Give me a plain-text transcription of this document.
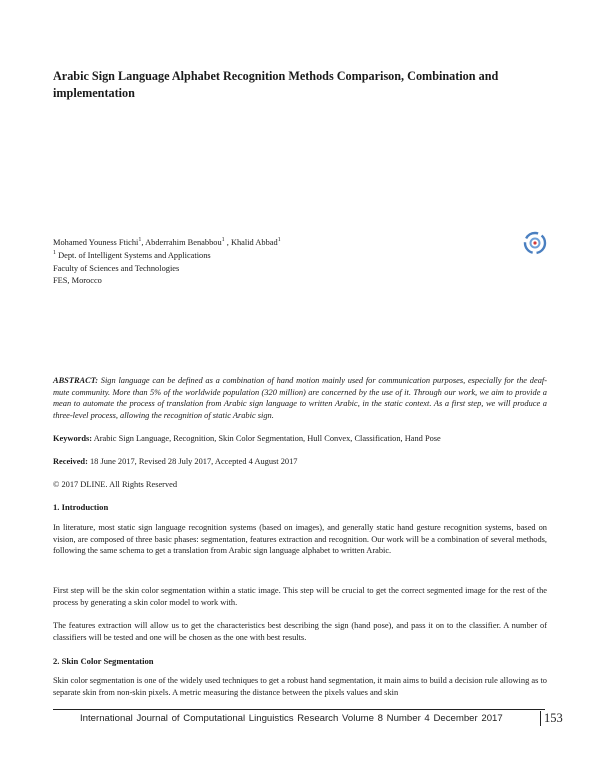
Arabic Sign Language Alphabet Recognition Methods Comparison, Combination and implementation
Mohamed Youness Ftichi$^1$, Abderrahim Benabbou$^1$ , Khalid Abbad$^1$
$^1$ Dept. of Intelligent Systems and Applications
Faculty of Sciences and Technologies
FES, Morocco
ABSTRACT: Sign language can be defined as a combination of hand motion mainly used for communication purposes, especially for the deaf-mute community. More than 5% of the worldwide population (320 million) are concerned by the use of it. Through our work, we aim to provide a mean to automate the process of translation from Arabic sign language to written Arabic, in the static context. As a first step, we will produce a three-level process, allowing the recognition of static Arabic sign.
Keywords: Arabic Sign Language, Recognition, Skin Color Segmentation, Hull Convex, Classification, Hand Pose
Received: 18 June 2017, Revised 28 July 2017, Accepted 4 August 2017
© 2017 DLINE. All Rights Reserved
1. Introduction
In literature, most static sign language recognition systems (based on images), and generally static hand gesture recognition systems, based on vision, are composed of three basic phases: segmentation, features extraction and recognition. Our work will be a combination of several methods, following the same schema to get a translation from Arabic sign language alphabet to written Arabic.
First step will be the skin color segmentation within a static image. This step will be crucial to get the correct segmented image for the rest of the process by generating a skin color model to work with.
The features extraction will allow us to get the characteristics best describing the sign (hand pose), and pass it on to the classifier. A number of classifiers will be tested and one will be chosen as the one with best results.
2. Skin Color Segmentation
Skin color segmentation is one of the widely used techniques to get a robust hand segmentation, it main aims to build a decision rule allowing as to separate skin from non-skin pixels. A metric measuring the distance between the pixels values and skin
International Journal of Computational Linguistics Research Volume 8 Number 4 December 2017	153
